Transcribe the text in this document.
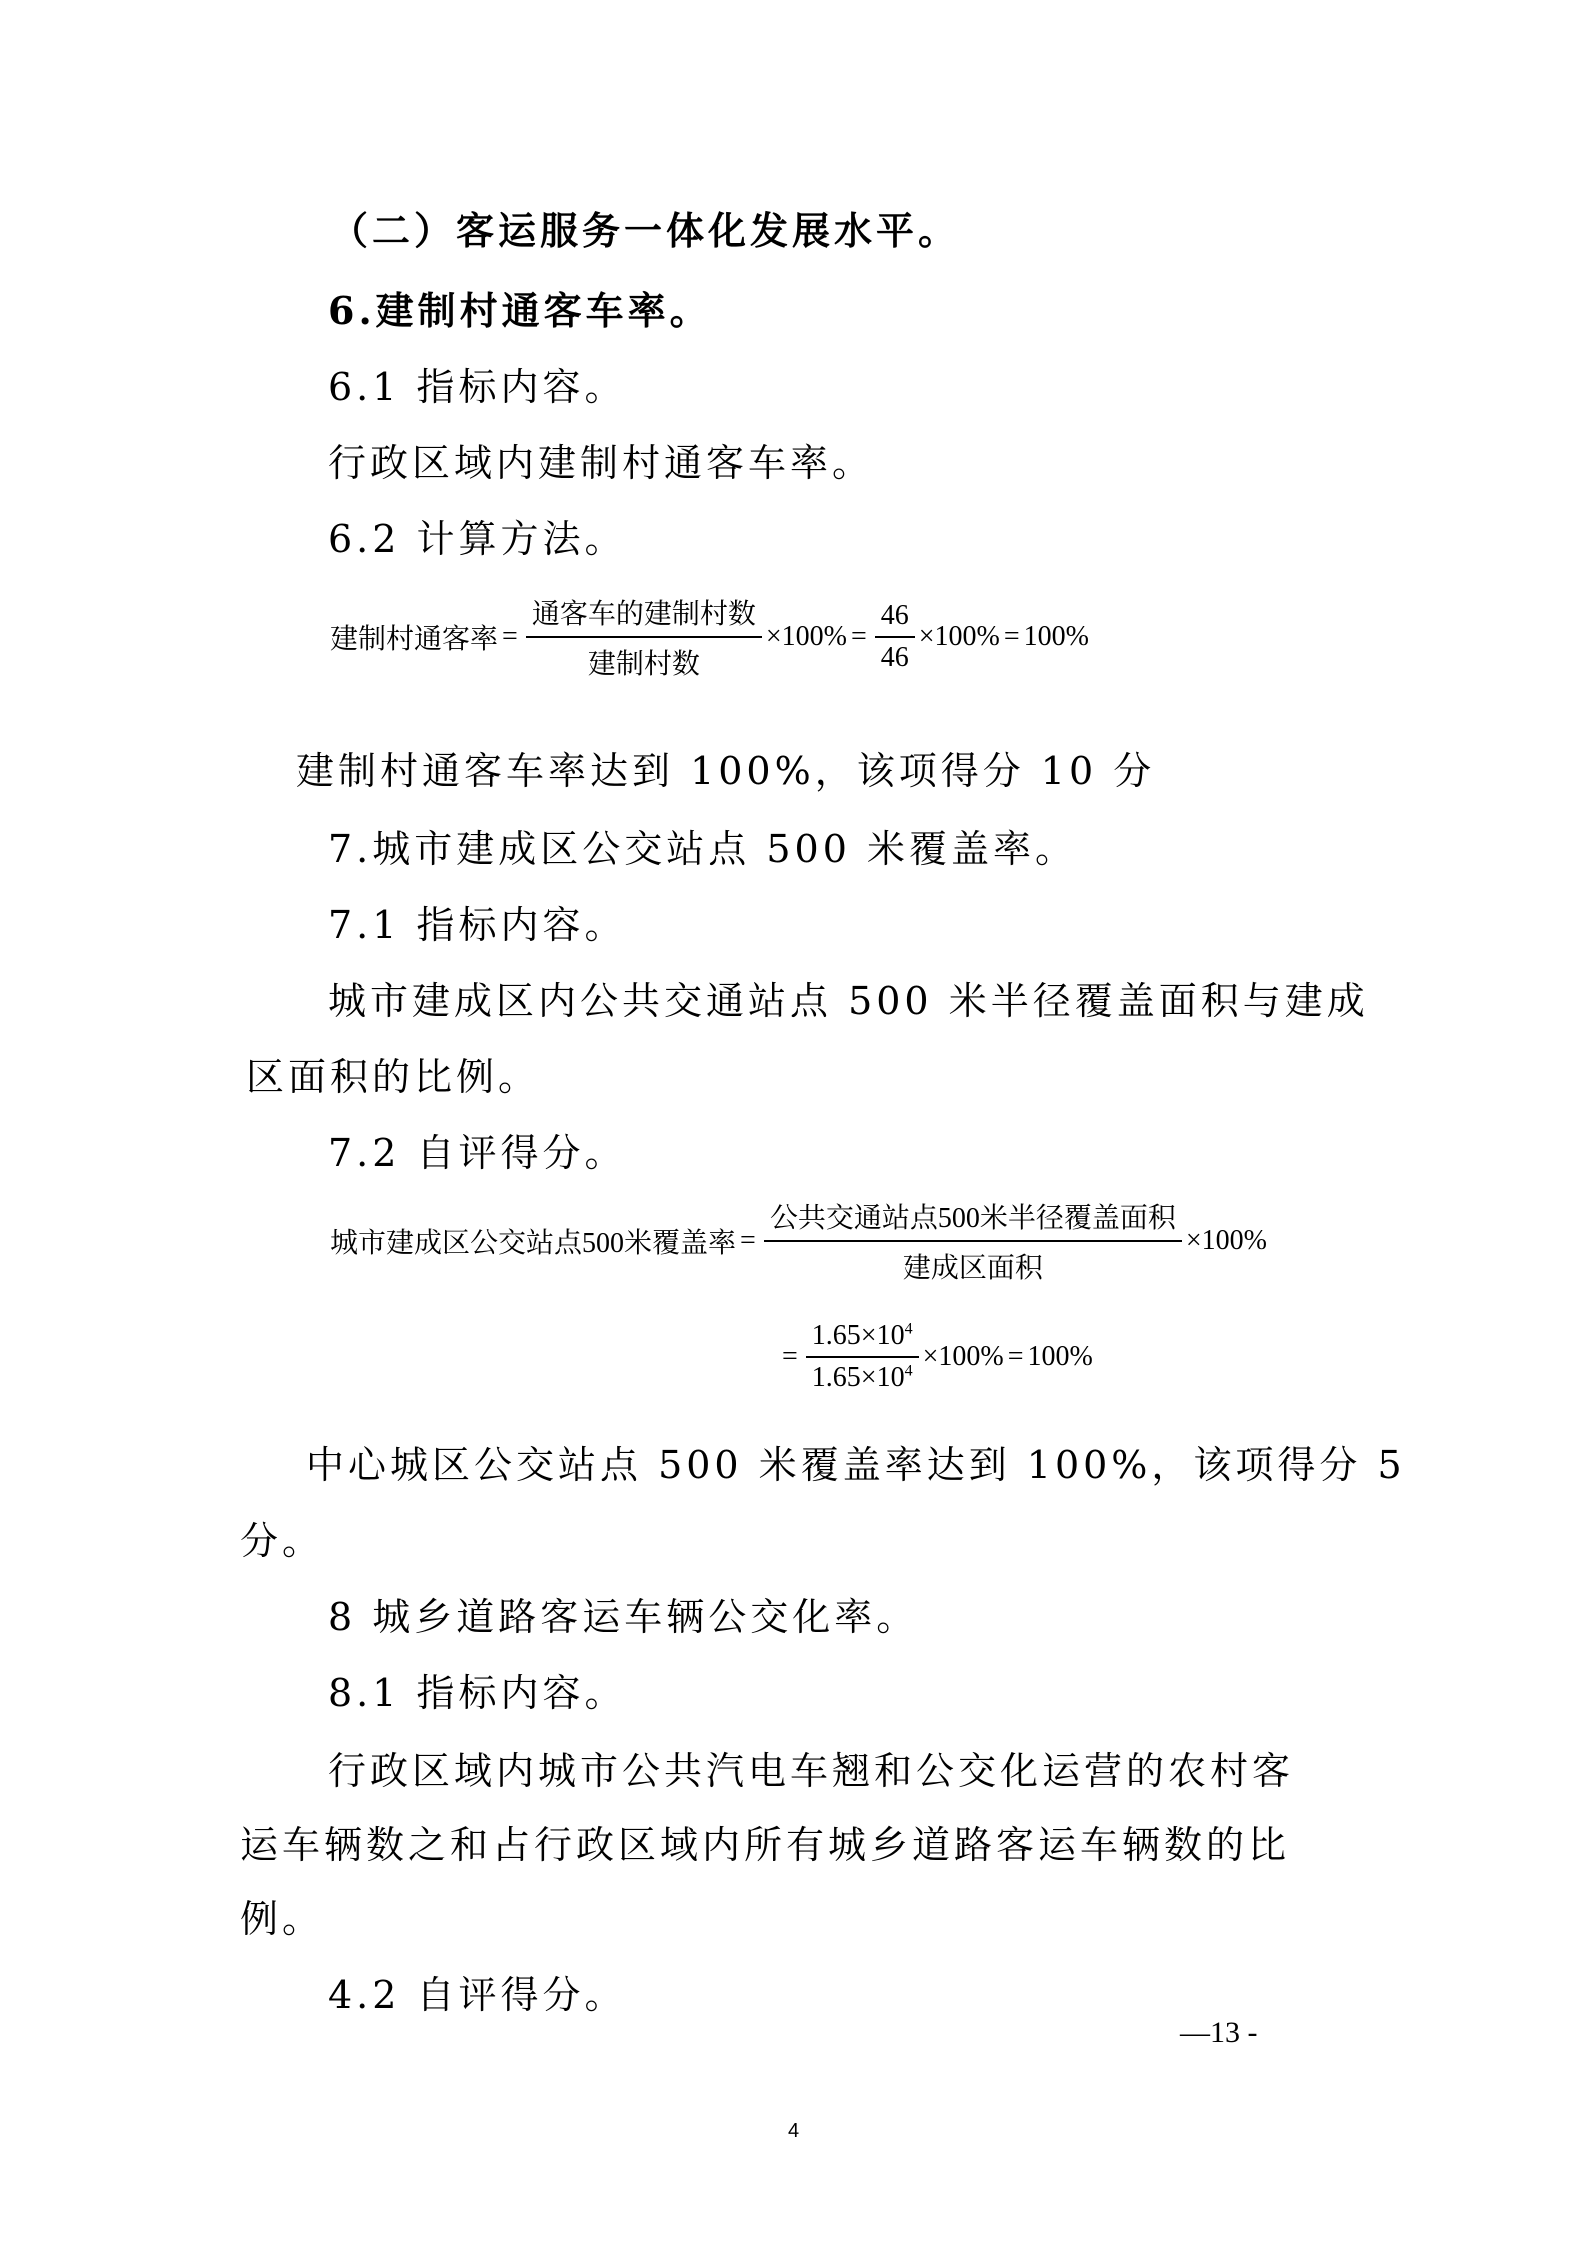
（二）客运服务一体化发展水平。
6.建制村通客车率。
6.1 指标内容。
行政区域内建制村通客车率。
6.2 计算方法。
建制村通客率 = $\frac{\text{通客车的建制村数}}{\text{建制村数}} \times 100\% = \frac{46}{46} \times 100\% = 100\%$
建制村通客车率达到 100%，该项得分 10 分
7.城市建成区公交站点 500 米覆盖率。
7.1 指标内容。
城市建成区内公共交通站点 500 米半径覆盖面积与建成
区面积的比例。
7.2 自评得分。
城市建成区公交站点500米覆盖率 = $\frac{\text{公共交通站点500米半径覆盖面积}}{\text{建成区面积}} \times 100\%$
= $\frac{1.65\times 10^4}{1.65\times 10^4} \times 100\% = 100\%$
中心城区公交站点 500 米覆盖率达到 100%，该项得分 5
分。
8 城乡道路客运车辆公交化率。
8.1 指标内容。
行政区域内城市公共汽电车翘和公交化运营的农村客
运车辆数之和占行政区域内所有城乡道路客运车辆数的比
例。
4.2 自评得分。
—13 -
4
